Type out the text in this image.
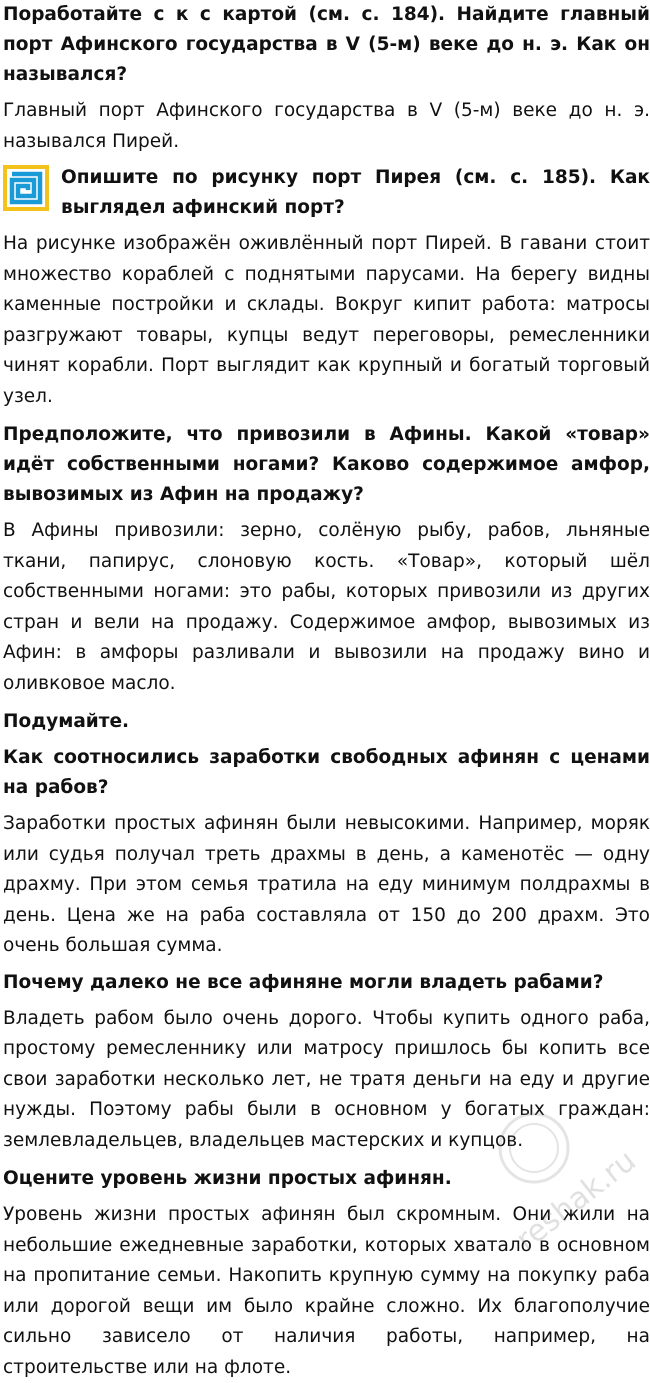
Поработайте с к с картой (см. с. 184). Найдите главный порт Афинского государства в V (5-м) веке до н. э. Как он назывался?

Главный порт Афинского государства в V (5-м) веке до н. э. назывался Пирей.

Опишите по рисунку порт Пирея (см. с. 185). Как выглядел афинский порт?

На рисунке изображён оживлённый порт Пирей. В гавани стоит множество кораблей с поднятыми парусами. На берегу видны каменные постройки и склады. Вокруг кипит работа: матросы разгружают товары, купцы ведут переговоры, ремесленники чинят корабли. Порт выглядит как крупный и богатый торговый узел.

Предположите, что привозили в Афины. Какой «товар» идёт собственными ногами? Каково содержимое амфор, вывозимых из Афин на продажу?

В Афины привозили: зерно, солёную рыбу, рабов, льняные ткани, папирус, слоновую кость. «Товар», который шёл собственными ногами: это рабы, которых привозили из других стран и вели на продажу. Содержимое амфор, вывозимых из Афин: в амфоры разливали и вывозили на продажу вино и оливковое масло.

Подумайте.

Как соотносились заработки свободных афинян с ценами на рабов?

Заработки простых афинян были невысокими. Например, моряк или судья получал треть драхмы в день, а каменотёс — одну драхму. При этом семья тратила на еду минимум полдрахмы в день. Цена же на раба составляла от 150 до 200 драхм. Это очень большая сумма.

Почему далеко не все афиняне могли владеть рабами?

Владеть рабом было очень дорого. Чтобы купить одного раба, простому ремесленнику или матросу пришлось бы копить все свои заработки несколько лет, не тратя деньги на еду и другие нужды. Поэтому рабы были в основном у богатых граждан: землевладельцев, владельцев мастерских и купцов.

Оцените уровень жизни простых афинян.

Уровень жизни простых афинян был скромным. Они жили на небольшие ежедневные заработки, которых хватало в основном на пропитание семьи. Накопить крупную сумму на покупку раба или дорогой вещи им было крайне сложно. Их благополучие сильно зависело от наличия работы, например, на строительстве или на флоте.

reshak.ru
